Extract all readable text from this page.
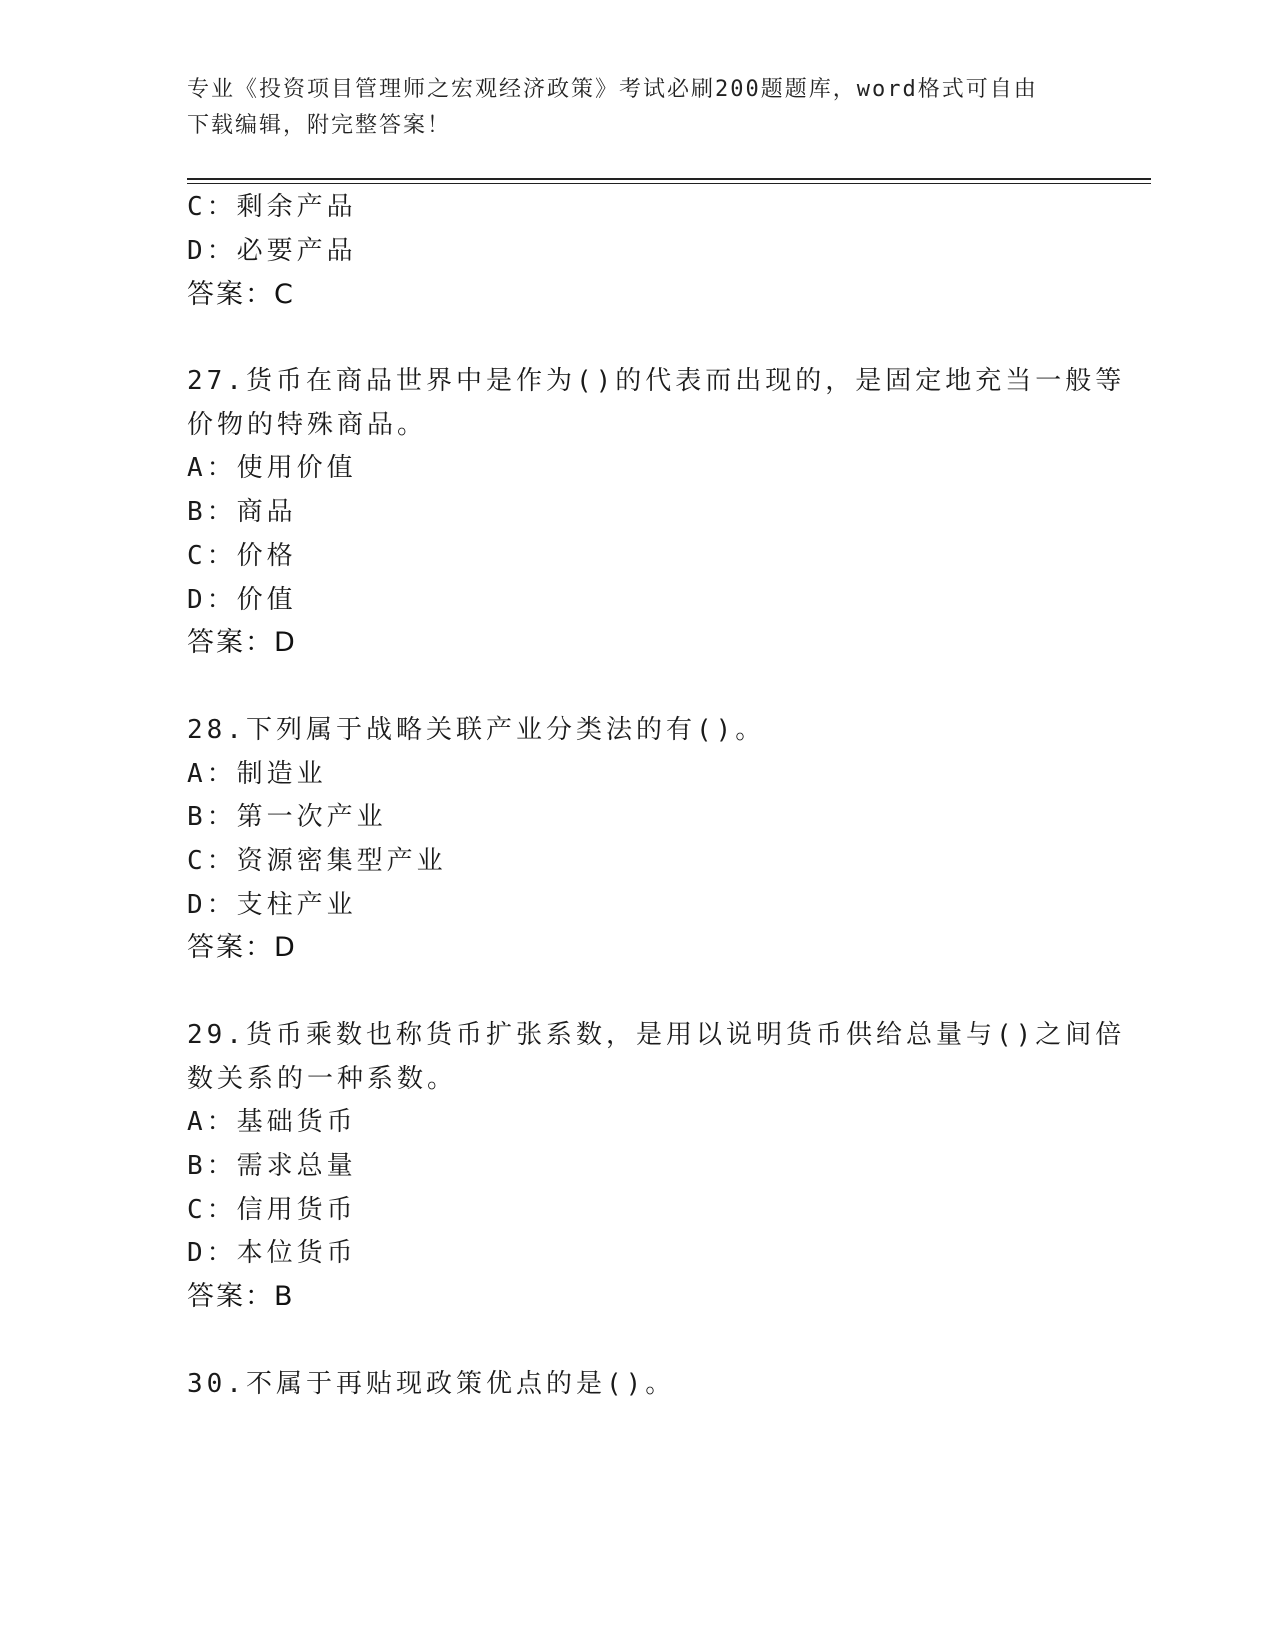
专业《投资项目管理师之宏观经济政策》考试必刷200题题库，word格式可自由
下载编辑，附完整答案！
C：剩余产品
D：必要产品
答案：C
27.货币在商品世界中是作为()的代表而出现的，是固定地充当一般等
价物的特殊商品。
A：使用价值
B：商品
C：价格
D：价值
答案：D
28.下列属于战略关联产业分类法的有()。
A：制造业
B：第一次产业
C：资源密集型产业
D：支柱产业
答案：D
29.货币乘数也称货币扩张系数，是用以说明货币供给总量与()之间倍
数关系的一种系数。
A：基础货币
B：需求总量
C：信用货币
D：本位货币
答案：B
30.不属于再贴现政策优点的是()。
